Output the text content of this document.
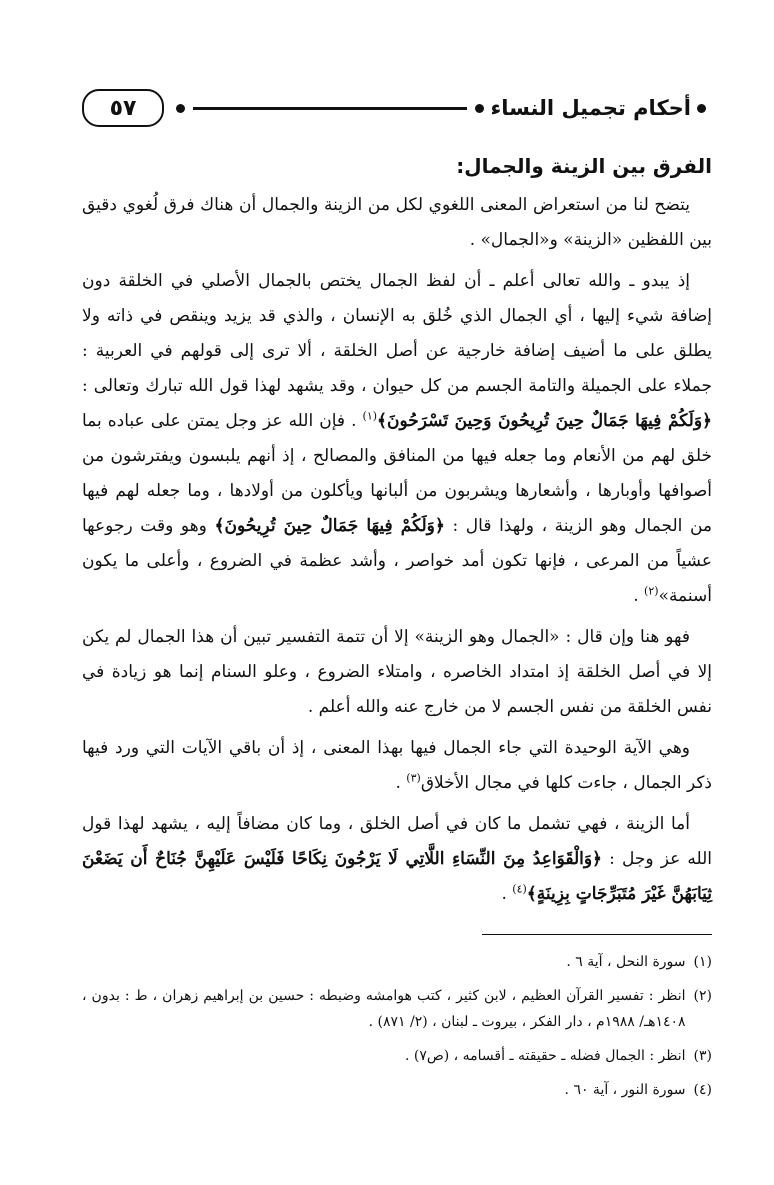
أحكام تجميل النساء
٥٧
الفرق بين الزينة والجمال:

يتضح لنا من استعراض المعنى اللغوي لكل من الزينة والجمال أن هناك فرق لُغوي دقيق بين اللفظين «الزينة» و«الجمال» .

إذ يبدو ـ والله تعالى أعلم ـ أن لفظ الجمال يختص بالجمال الأصلي في الخلقة دون إضافة شيء إليها ، أي الجمال الذي خُلق به الإنسان ، والذي قد يزيد وينقص في ذاته ولا يطلق على ما أضيف إضافة خارجية عن أصل الخلقة ، ألا ترى إلى قولهم في العربية : جملاء على الجميلة والتامة الجسم من كل حيوان ، وقد يشهد لهذا قول الله تبارك وتعالى : ﴿وَلَكُمْ فِيهَا جَمَالٌ حِينَ تُرِيحُونَ وَحِينَ تَسْرَحُونَ﴾$^{(١)}$ . فإن الله عز وجل يمتن على عباده بما خلق لهم من الأنعام وما جعله فيها من المنافق والمصالح ، إذ أنهم يلبسون ويفترشون من أصوافها وأوبارها ، وأشعارها ويشربون من ألبانها ويأكلون من أولادها ، وما جعله لهم فيها من الجمال وهو الزينة ، ولهذا قال : ﴿وَلَكُمْ فِيهَا جَمَالٌ حِينَ تُرِيحُونَ﴾ وهو وقت رجوعها عشياً من المرعى ، فإنها تكون أمد خواصر ، وأشد عظمة في الضروع ، وأعلى ما يكون أسنمة»$^{(٢)}$ .

فهو هنا وإن قال : «الجمال وهو الزينة» إلا أن تتمة التفسير تبين أن هذا الجمال لم يكن إلا في أصل الخلقة إذ امتداد الخاصره ، وامتلاء الضروع ، وعلو السنام إنما هو زيادة في نفس الخلقة من نفس الجسم لا من خارج عنه والله أعلم .

وهي الآية الوحيدة التي جاء الجمال فيها بهذا المعنى ، إذ أن باقي الآيات التي ورد فيها ذكر الجمال ، جاءت كلها في مجال الأخلاق$^{(٣)}$ .

أما الزينة ، فهي تشمل ما كان في أصل الخلق ، وما كان مضافاً إليه ، يشهد لهذا قول الله عز وجل : ﴿وَالْقَوَاعِدُ مِنَ النِّسَاءِ اللَّاتِي لَا يَرْجُونَ نِكَاحًا فَلَيْسَ عَلَيْهِنَّ جُنَاحٌ أَن يَضَعْنَ ثِيَابَهُنَّ غَيْرَ مُتَبَرِّجَاتٍ بِزِينَةٍ﴾$^{(٤)}$ .

(١)
سورة النحل ، آية ٦ .
(٢)
انظر : تفسير القرآن العظيم ، لابن كثير ، كتب هوامشه وضبطه : حسين بن إبراهيم زهران ، ط : بدون ، ١٤٠٨هـ/ ١٩٨٨م ، دار الفكر ، بيروت ـ لبنان ، (٢/ ٨٧١) .
(٣)
انظر : الجمال فضله ـ حقيقته ـ أقسامه ، (ص٧) .
(٤)
سورة النور ، آية ٦٠ .
